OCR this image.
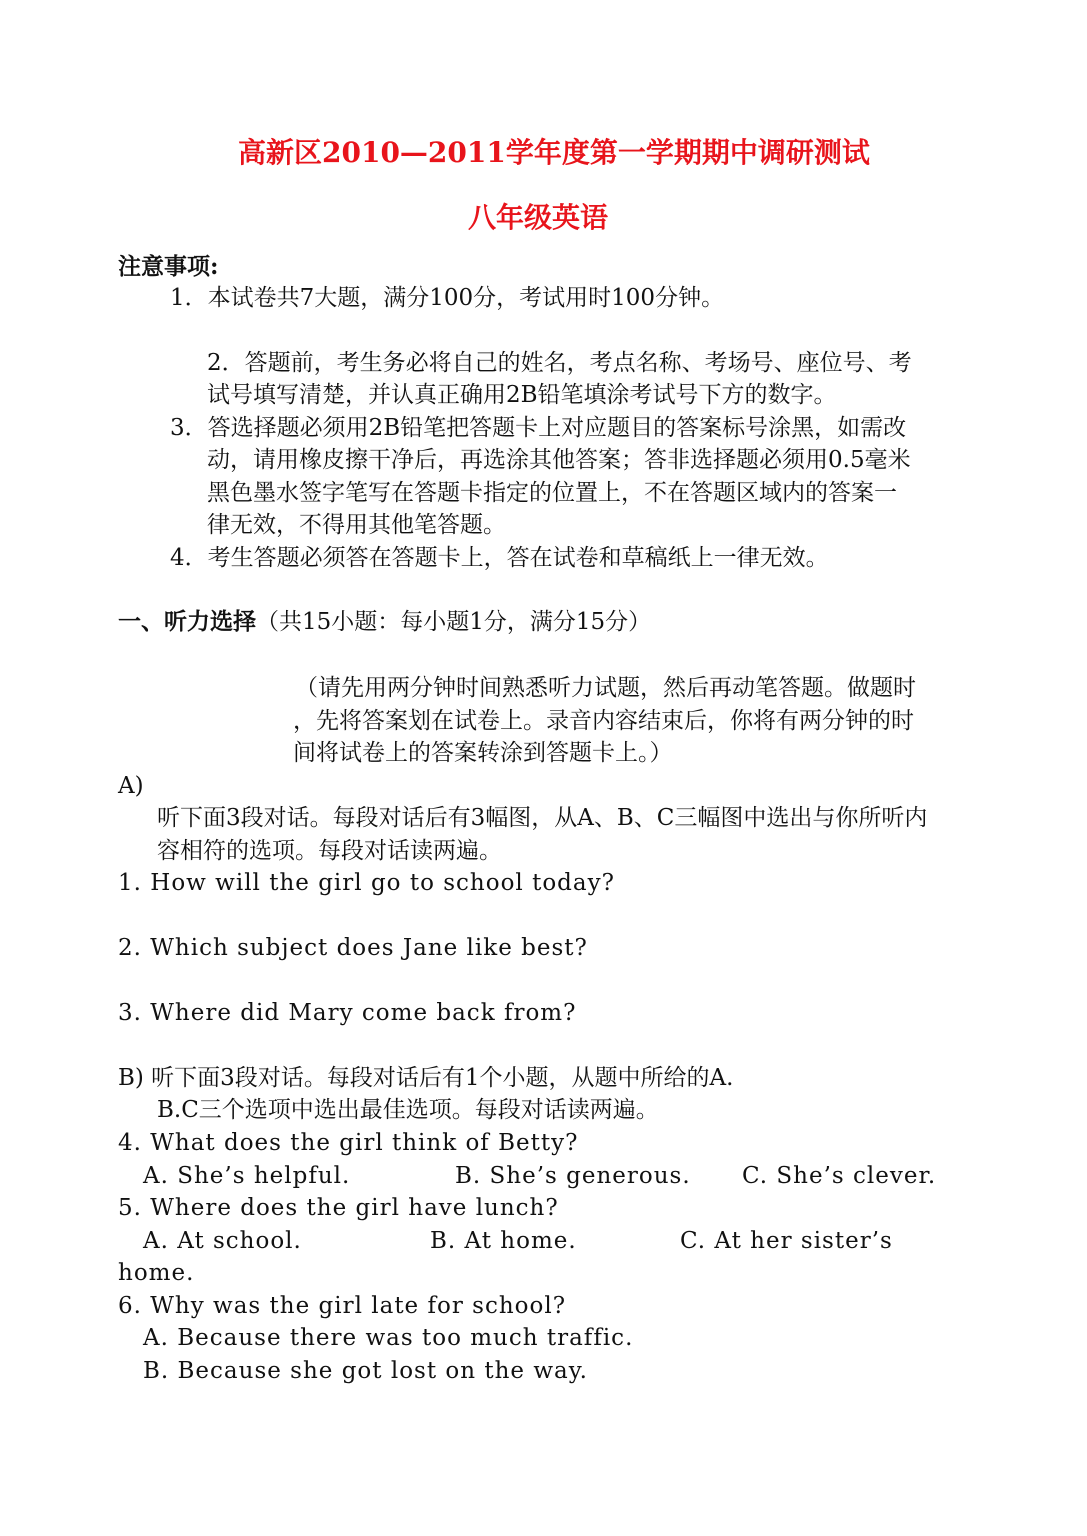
高新区2010—2011学年度第一学期期中调研测试
八年级英语
注意事项:
1．本试卷共7大题，满分100分，考试用时100分钟。
2．答题前，考生务必将自己的姓名，考点名称、考场号、座位号、考
试号填写清楚，并认真正确用2B铅笔填涂考试号下方的数字。
3．答选择题必须用2B铅笔把答题卡上对应题目的答案标号涂黑，如需改
动，请用橡皮擦干净后，再选涂其他答案；答非选择题必须用0.5毫米
黑色墨水签字笔写在答题卡指定的位置上，不在答题区域内的答案一
律无效，不得用其他笔答题。
4．考生答题必须答在答题卡上，答在试卷和草稿纸上一律无效。
一、听力选择（共15小题：每小题1分，满分15分）
（请先用两分钟时间熟悉听力试题，然后再动笔答题。做题时
，先将答案划在试卷上。录音内容结束后，你将有两分钟的时
间将试卷上的答案转涂到答题卡上。）
A)
听下面3段对话。每段对话后有3幅图，从A、B、C三幅图中选出与你所听内
容相符的选项。每段对话读两遍。
1. How will the girl go to school today?
2. Which subject does Jane like best?
3. Where did Mary come back from?
B) 听下面3段对话。每段对话后有1个小题，从题中所给的A.
B.C三个选项中选出最佳选项。每段对话读两遍。
4. What does the girl think of Betty?
A. She’s helpful.	B. She’s generous. C. She’s clever.
5. Where does the girl have lunch?
A. At school.	B. At home.	C. At her sister’s
home.
6. Why was the girl late for school?
A. Because there was too much traffic.
B. Because she got lost on the way.
